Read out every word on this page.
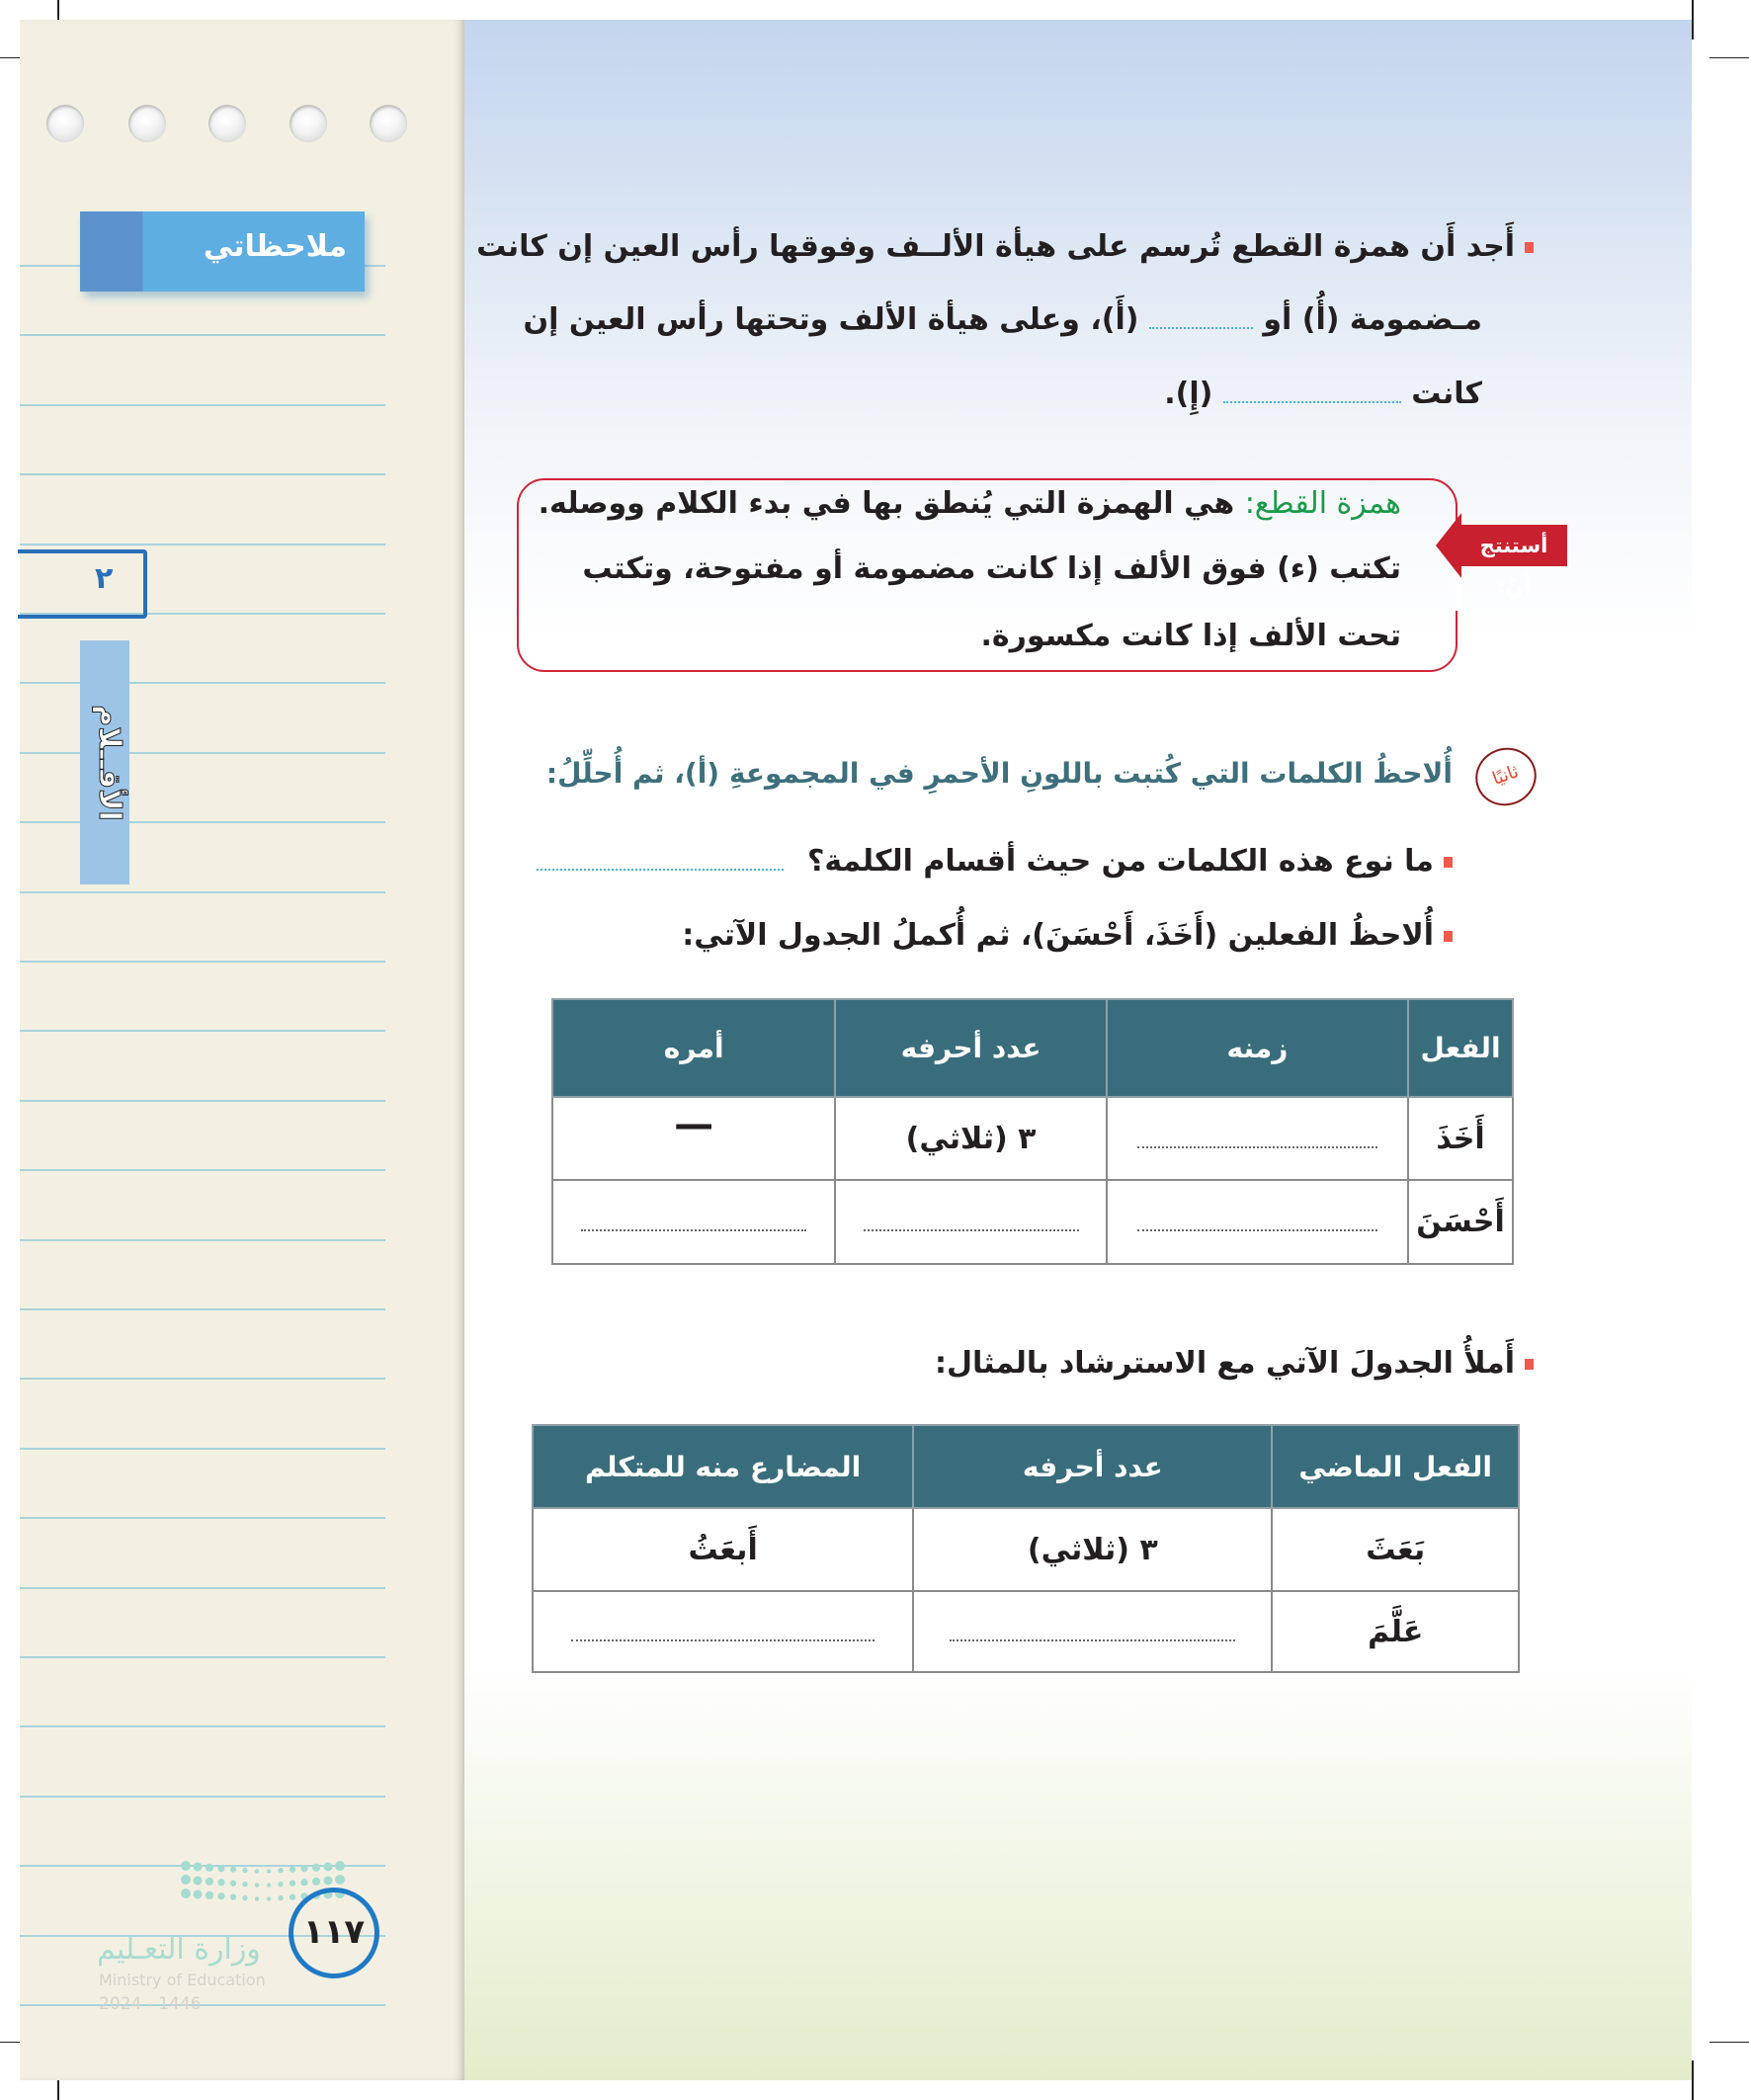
ملاحظاتي
٢
الأقــلام
وزارة التعـليم
Ministry of Education
2024 - 1446
١١٧
أَجد أَن همزة القطع تُرسم على هيأة الألــف وفوقها رأس العين إن كانت
مـضمومة (أُ) أو  (أَ)، وعلى هيأة الألف وتحتها رأس العين إن
كانت  (إِ).
أستنتج أنّ:
همزة القطع: هي الهمزة التي يُنطق بها في بدء الكلام ووصله.
تكتب (ء) فوق الألف إذا كانت مضمومة أو مفتوحة، وتكتب
تحت الألف إذا كانت مكسورة.
ثانيًا
أُلاحظُ الكلمات التي كُتبت باللونِ الأحمرِ في المجموعةِ (أ)، ثم أُحلِّلُ:
ما نوع هذه الكلمات من حيث أقسام الكلمة؟
أُلاحظُ الفعلين (أَخَذَ، أَحْسَنَ)، ثم أُكملُ الجدول الآتي:
الفعل	زمنه	عدد أحرفه	أمره
أَخَذَ		٣ (ثلاثي)	—
أَحْسَنَ			
أَملأُ الجدولَ الآتي مع الاسترشاد بالمثال:
الفعل الماضي	عدد أحرفه	المضارع منه للمتكلم
بَعَثَ	٣ (ثلاثي)	أَبعَثُ
عَلَّمَ		
